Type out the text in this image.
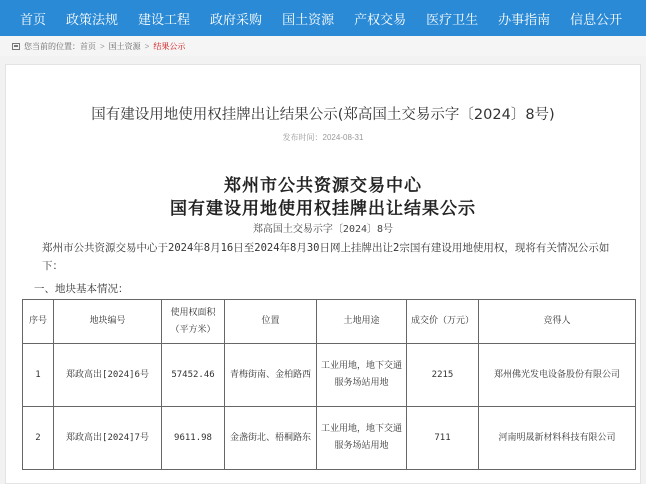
首页	政策法规	建设工程	政府采购	国土资源	产权交易	医疗卫生	办事指南	信息公开
您当前的位置： 首页 > 国土资源 > 结果公示
国有建设用地使用权挂牌出让结果公示(郑高国土交易示字〔2024〕8号)
发布时间：2024-08-31
郑州市公共资源交易中心
国有建设用地使用权挂牌出让结果公示
郑高国土交易示字〔2024〕8号
郑州市公共资源交易中心于2024年8月16日至2024年8月30日网上挂牌出让2宗国有建设用地使用权，现将有关情况公示如下：
一、地块基本情况：
序号	地块编号	使用权面积（平方米）	位置	土地用途	成交价（万元）	竞得人
1	郑政高出[2024]6号	57452.46	青梅街南、金柏路西	工业用地，地下交通服务场站用地	2215	郑州佛光发电设备股份有限公司
2	郑政高出[2024]7号	9611.98	金盏街北、梧桐路东	工业用地，地下交通服务场站用地	711	河南明晟新材料科技有限公司
